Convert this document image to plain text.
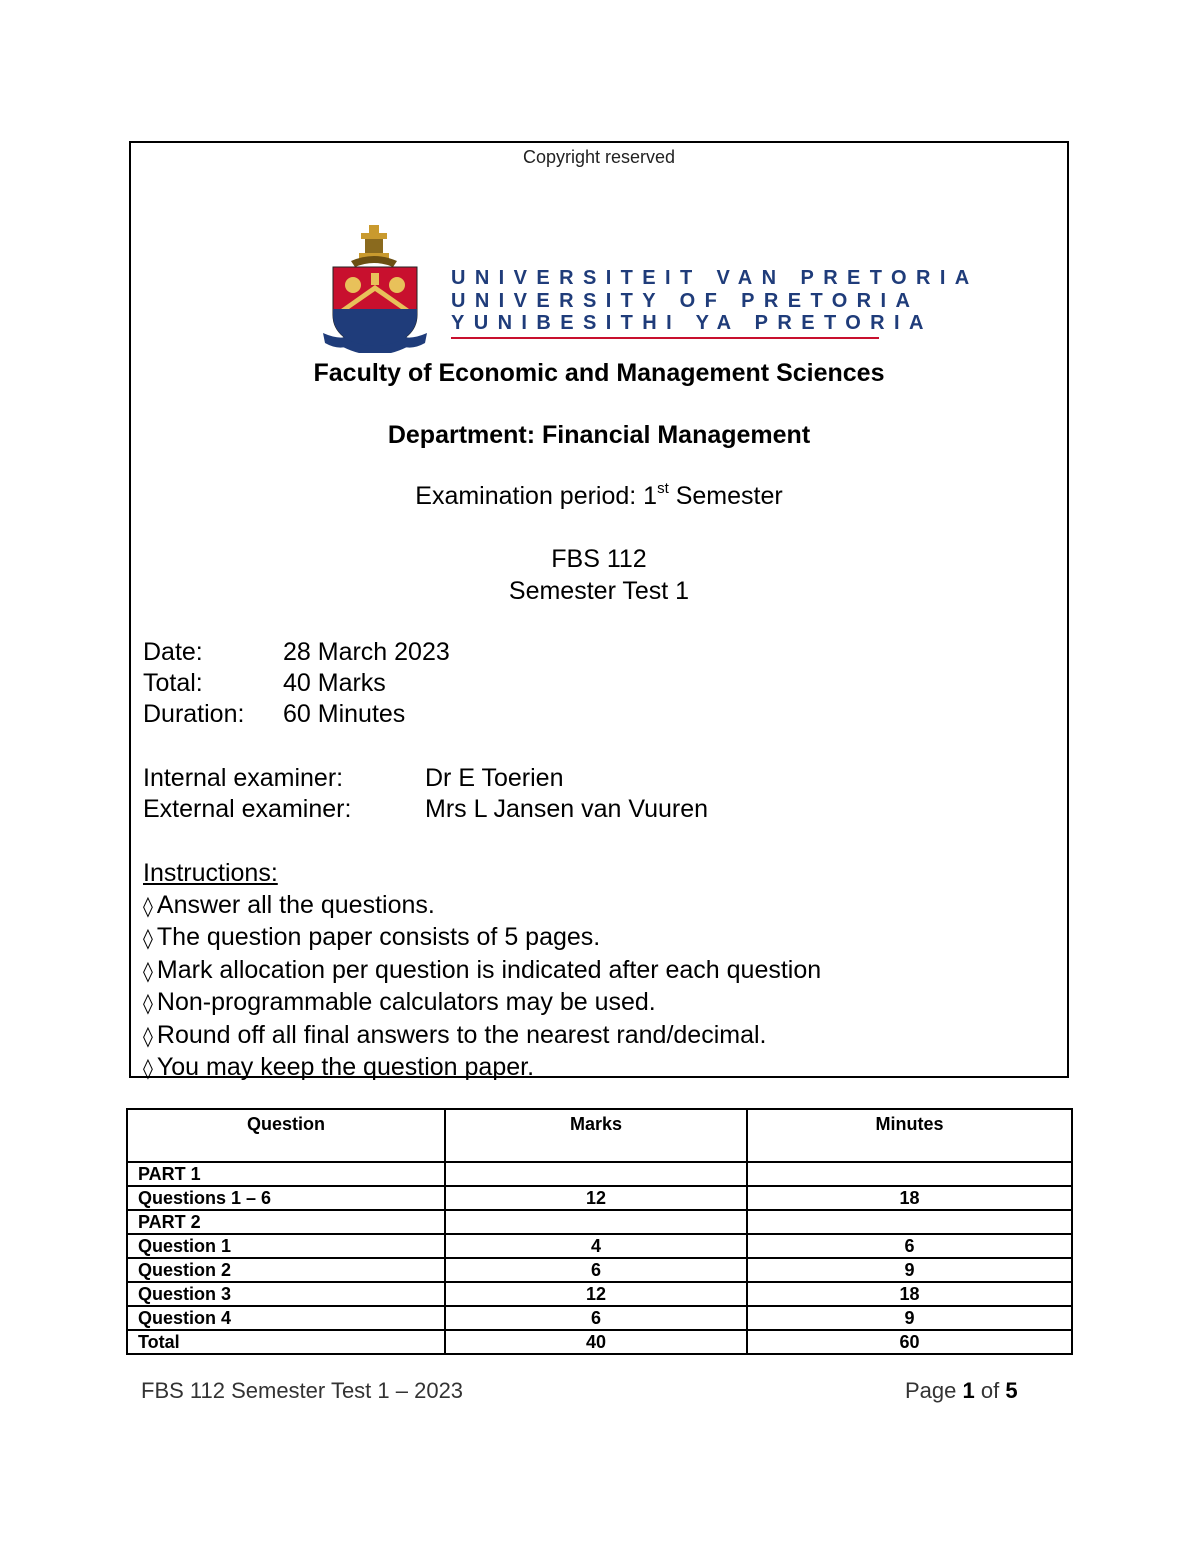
Copyright reserved
UNIVERSITEIT VAN PRETORIA
UNIVERSITY OF PRETORIA
YUNIBESITHI YA PRETORIA
Faculty of Economic and Management Sciences
Department: Financial Management
Examination period: 1st Semester
FBS 112
Semester Test 1
Date:	28 March 2023
Total:	40 Marks
Duration:	60 Minutes
Internal examiner:	Dr E Toerien
External examiner:	Mrs L Jansen van Vuuren
Instructions:
◊ Answer all the questions.
◊ The question paper consists of 5 pages.
◊ Mark allocation per question is indicated after each question
◊ Non-programmable calculators may be used.
◊ Round off all final answers to the nearest rand/decimal.
◊ You may keep the question paper.
Question	Marks	Minutes
PART 1		
Questions 1 – 6	12	18
PART 2		
Question 1	4	6
Question 2	6	9
Question 3	12	18
Question 4	6	9
Total	40	60
FBS 112 Semester Test 1 – 2023	Page 1 of 5
